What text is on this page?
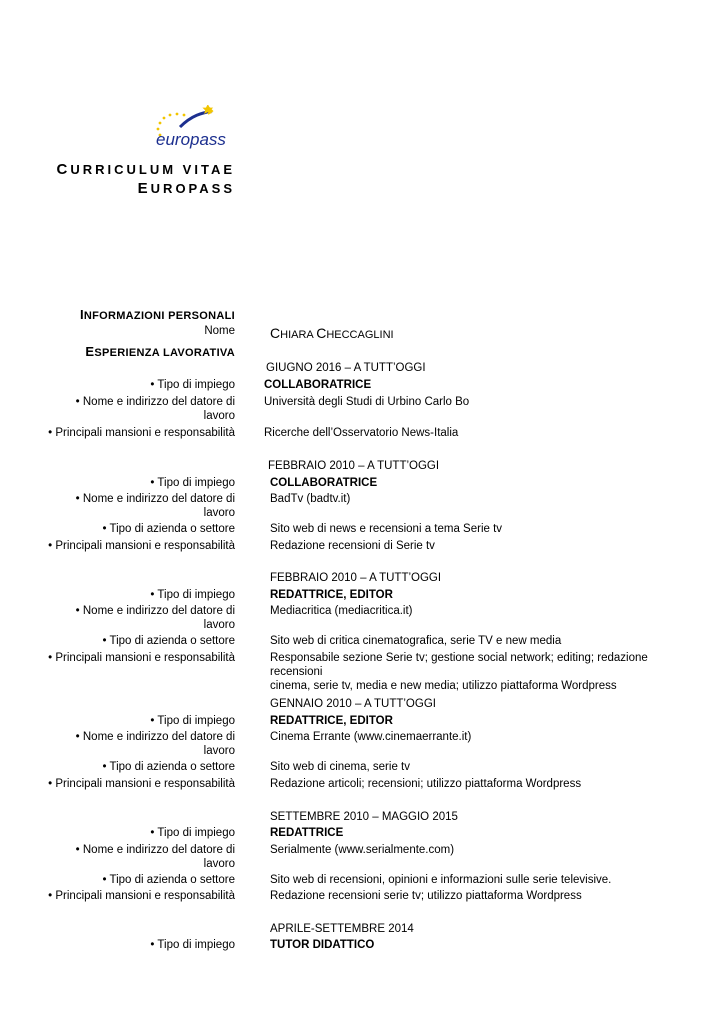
europass
CURRICULUM VITAE
EUROPASS
INFORMAZIONI PERSONALI
Nome	CHIARA CHECCAGLINI
ESPERIENZA LAVORATIVA
GIUGNO 2016 – A TUTT’OGGI
• Tipo di impiego	COLLABORATRICE
• Nome e indirizzo del datore di
lavoro
Università degli Studi di Urbino Carlo Bo
• Principali mansioni e responsabilità	Ricerche dell’Osservatorio News-Italia
FEBBRAIO 2010 – A TUTT’OGGI
• Tipo di impiego	COLLABORATRICE
• Nome e indirizzo del datore di
lavoro
BadTv (badtv.it)
• Tipo di azienda o settore	Sito web di news e recensioni a tema Serie tv
• Principali mansioni e responsabilità	Redazione recensioni di Serie tv
FEBBRAIO 2010 – A TUTT’OGGI
• Tipo di impiego	REDATTRICE, EDITOR
• Nome e indirizzo del datore di
lavoro
Mediacritica (mediacritica.it)
• Tipo di azienda o settore	Sito web di critica cinematografica, serie TV e new media
• Principali mansioni e responsabilità	Responsabile sezione Serie tv; gestione social network; editing; redazione recensioni
cinema, serie tv, media e new media; utilizzo piattaforma Wordpress
GENNAIO 2010 – A TUTT’OGGI
• Tipo di impiego	REDATTRICE, EDITOR
• Nome e indirizzo del datore di
lavoro
Cinema Errante (www.cinemaerrante.it)
• Tipo di azienda o settore	Sito web di cinema, serie tv
• Principali mansioni e responsabilità	Redazione articoli; recensioni; utilizzo piattaforma Wordpress
SETTEMBRE 2010 – MAGGIO 2015
• Tipo di impiego	REDATTRICE
• Nome e indirizzo del datore di
lavoro
Serialmente (www.serialmente.com)
• Tipo di azienda o settore	Sito web di recensioni, opinioni e informazioni sulle serie televisive.
• Principali mansioni e responsabilità	Redazione recensioni serie tv; utilizzo piattaforma Wordpress
APRILE-SETTEMBRE 2014
• Tipo di impiego	TUTOR DIDATTICO
